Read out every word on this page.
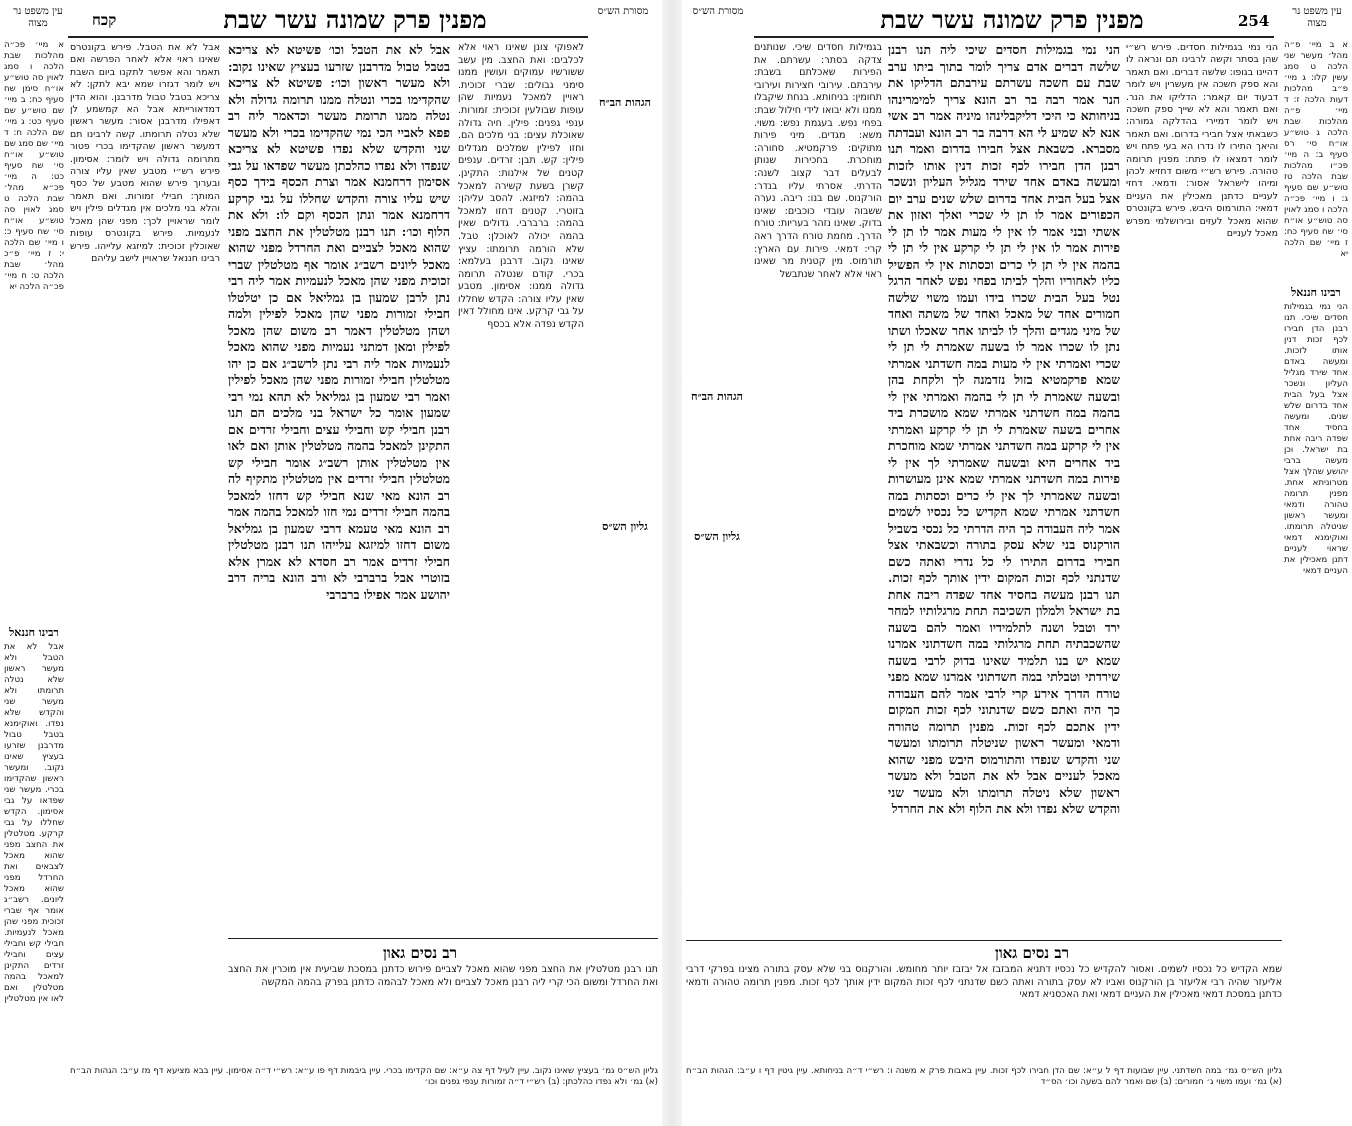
עין משפט נר מצוה	מפנין פרק שמונה עשר שבת
קכח	מסורת הש״ס
א מיי׳ פכ״ה מהלכות שבת הלכה ו סמג לאוין סה טוש״ע או״ח סימן שח סעיף כח: ב מיי׳ שם טוש״ע שם סעיף כט: ג מיי׳ שם הלכה ח: ד מיי׳ שם סמג שם טוש״ע או״ח סי׳ שח סעיף כט: ה מיי׳ פכ״א מהל׳ שבת הלכה ט סמג לאוין סה טוש״ע או״ח סי׳ שח סעיף כ: ו מיי׳ שם הלכה י: ז מיי׳ פ״כ מהל׳ שבת הלכה ט: ח מיי׳ פכ״ה הלכה יא
רבינו חננאל
אבל לא את הטבל ולא מעשר ראשון שלא נטלה תרומתו ולא מעשר שני והקדש שלא נפדו. ואוקימנא בטבל טבול מדרבנן שזרעו בעציץ שאינו נקוב. ומעשר ראשון שהקדימו בכרי. מעשר שני שפדאו על גבי אסימון. הקדש שחללו על גבי קרקע. מטלטלין את החצב מפני שהוא מאכל לצבאים ואת החרדל מפני שהוא מאכל ליונים. רשב״ג אומר אף שברי זכוכית מפני שהן מאכל לנעמיות. חבילי קש וחבילי עצים וחבילי זרדים התקינן למאכל בהמה מטלטלין ואם לאו אין מטלטלין
אבל לא את הטבל. פירש בקונטרס שאינו ראוי אלא לאחר הפרשה ואם תאמר והא אפשר לתקנו ביום השבת ויש לומר דגזרו שמא יבא לתקן: לא צריכא בטבל טבול מדרבנן. והוא הדין דמדאורייתא אבל הא קמשמע לן דאפילו מדרבנן אסור: מעשר ראשון שלא נטלה תרומתו. קשה לרבינו תם דמעשר ראשון שהקדימו בכרי פטור מתרומה גדולה ויש לומר: אסימון. פירש רש״י מטבע שאין עליו צורה ובערוך פירש שהוא מטבע של כסף המותך: חבילי זמורות. ואם תאמר והלא בני מלכים אין מגדלים פילין ויש לומר שראויין לכך: מפני שהן מאכל לנעמיות. פירש בקונטרס עופות שאוכלין זכוכית: למיזגא עלייהו. פירש רבינו חננאל שראויין לישב עליהם
אבל לא את הטבל וכו׳ פשיטא לא צריכא בטבל טבול מדרבנן שזרעו בעציץ שאינו נקוב: ולא מעשר ראשון וכו׳: פשיטא לא צריכא שהקדימו בכרי ונטלה ממנו תרומה גדולה ולא נטלה ממנו תרומת מעשר וכדאמר ליה רב פפא לאביי הכי נמי שהקדימו בכרי ולא מעשר שני והקדש שלא נפדו פשיטא לא צריכא שנפדו ולא נפדו כהלכתן מעשר שפדאו על גבי אסימון דרחמנא אמר וצרת הכסף בידך כסף שיש עליו צורה והקדש שחללו על גבי קרקע דרחמנא אמר ונתן הכסף וקם לו: ולא את הלוף וכו׳: תנו רבנן מטלטלין את החצב מפני שהוא מאכל לצביים ואת החרדל מפני שהוא מאכל ליונים רשב״ג אומר אף מטלטלין שברי זכוכית מפני שהן מאכל לנעמיות אמר ליה רבי נתן לרבן שמעון בן גמליאל אם כן יטלטלו חבילי זמורות מפני שהן מאכל לפילין ולמה ושהן מטלטלין דאמר רב משום שהן מאכל לפילין ומאן דמתני נעמיות מפני שהוא מאכל לנעמיות אמר ליה רבי נתן לרשב״ג אם כן יהו מטלטלין חבילי זמורות מפני שהן מאכל לפילין ואמר רבי שמעון בן גמליאל לא תהא נמי רבי שמעון אומר כל ישראל בני מלכים הם תנו רבנן חבילי קש וחבילי עצים וחבילי זרדים אם התקינן למאכל בהמה מטלטלין אותן ואם לאו אין מטלטלין אותן רשב״ג אומר חבילי קש מטלטלין חבילי זרדים אין מטלטלין מתקיף לה רב הונא מאי שנא חבילי קש דחזו למאכל בהמה חבילי זרדים נמי חזו למאכל בהמה אמר רב הונא מאי טעמא דרבי שמעון בן גמליאל משום דחזו למיזגא עלייהו תנו רבנן מטלטלין חבילי זרדים אמר רב חסדא לא אמרן אלא בזוטרי אבל ברברבי לא ורב הונא בריה דרב יהושע אמר אפילו ברברבי
לאפוקי צונן שאינו ראוי אלא לכלבים: ואת החצב. מין עשב ששורשיו עמוקים ועושין ממנו סימני גבולים: שברי זכוכית. ראויין למאכל נעמיות שהן עופות שבולעין זכוכית: זמורות. ענפי גפנים: פילין. חיה גדולה שאוכלת עצים: בני מלכים הם. וחזו לפילין שמלכים מגדלים פילין: קש. תבן: זרדים. ענפים קטנים של אילנות: התקינן. קשרן בשעת קשירה למאכל בהמה: למיזגא. להסב עליהן: בזוטרי. קטנים דחזו למאכל בהמה: ברברבי. גדולים שאין בהמה יכולה לאוכלן: טבל. שלא הורמה תרומתו: עציץ שאינו נקוב. דרבנן בעלמא: בכרי. קודם שנטלה תרומה גדולה ממנו: אסימון. מטבע שאין עליו צורה: הקדש שחללו על גבי קרקע. אינו מחולל דאין הקדש נפדה אלא בכסף
הגהות הב״ח
גליון הש״ס
רב נסים גאון
תנו רבנן מטלטלין את החצב מפני שהוא מאכל לצביים פירוש כדתנן במסכת שביעית אין מוכרין את החצב ואת החרדל ומשום הכי קרי ליה רבנן מאכל לצביים ולא מאכל לבהמה כדתנן בפרק בהמה המקשה
גליון הש״ס גמ׳ בעציץ שאינו נקוב. עיין לעיל דף צה ע״א: שם הקדימו בכרי. עיין ביבמות דף פו ע״א: רש״י ד״ה אסימון. עיין בבא מציעא דף מז ע״ב: הגהות הב״ח (א) גמ׳ ולא נפדו כהלכתן: (ב) רש״י ד״ה זמורות ענפי גפנים וכו׳
מסורת הש״ס	מפנין פרק שמונה עשר שבת	254
עין משפט נר מצוה
הגהות הב״ח
גליון הש״ס
בגמילות חסדים שיכי. שנותנים צדקה בסתר: עשרתם. את הפירות שאכלתם בשבת: עירבתם. עירובי חצירות ועירובי תחומין: בניחותא. בנחת שיקבלו ממנו ולא יבואו לידי חילול שבת: בפחי נפש. בעגמת נפש: משוי. משא: מגדים. מיני פירות מתוקים: פרקמטיא. סחורה: מוחכרת. בחכירות שנותן לבעלים דבר קצוב לשנה: הדרתי. אסרתי עליו בנדר: הורקנוס. שם בנו: ריבה. נערה ששבוה עובדי כוכבים: שאינו בדוק. שאינו נזהר בעריות: טורח הדרך. מחמת טורח הדרך ראה קרי: דמאי. פירות עם הארץ: תורמוס. מין קטנית מר שאינו ראוי אלא לאחר שנתבשל
הני נמי בגמילות חסדים שיכי ליה תנו רבנן שלשה דברים אדם צריך לומר בתוך ביתו ערב שבת עם חשכה עשרתם עירבתם הדליקו את הנר אמר רבה בר רב הונא צריך למימרינהו בניחותא כי היכי דליקבלינהו מיניה אמר רב אשי אנא לא שמיע לי הא דרבה בר רב הונא ועבדתה מסברא. כשבאת אצל חבירו בדרום ואמר תנו רבנן הדן חבירו לכף זכות דנין אותו לזכות ומעשה באדם אחד שירד מגליל העליון ונשכר אצל בעל הבית אחד בדרום שלש שנים ערב יום הכפורים אמר לו תן לי שכרי ואלך ואזון את אשתי ובני אמר לו אין לי מעות אמר לו תן לי פירות אמר לו אין לי תן לי קרקע אין לי תן לי בהמה אין לי תן לי כרים וכסתות אין לי הפשיל כליו לאחוריו והלך לביתו בפחי נפש לאחר הרגל נטל בעל הבית שכרו בידו ועמו משוי שלשה חמורים אחד של מאכל ואחד של משתה ואחד של מיני מגדים והלך לו לביתו אחר שאכלו ושתו נתן לו שכרו אמר לו בשעה שאמרת לי תן לי שכרי ואמרתי אין לי מעות במה חשדתני אמרתי שמא פרקמטיא בזול נזדמנה לך ולקחת בהן ובשעה שאמרת לי תן לי בהמה ואמרתי אין לי בהמה במה חשדתני אמרתי שמא מושכרת ביד אחרים בשעה שאמרת לי תן לי קרקע ואמרתי אין לי קרקע במה חשדתני אמרתי שמא מוחכרת ביד אחרים היא ובשעה שאמרתי לך אין לי פירות במה חשדתני אמרתי שמא אינן מעושרות ובשעה שאמרתי לך אין לי כרים וכסתות במה חשדתני אמרתי שמא הקדיש כל נכסיו לשמים אמר ליה העבודה כך היה הדרתי כל נכסי בשביל הורקנוס בני שלא עסק בתורה וכשבאתי אצל חבירי בדרום התירו לי כל נדרי ואתה כשם שדנתני לכף זכות המקום ידין אותך לכף זכות. תנו רבנן מעשה בחסיד אחד שפדה ריבה אחת בת ישראל ולמלון השכיבה תחת מרגלותיו למחר ירד וטבל ושנה לתלמידיו ואמר להם בשעה שהשכבתיה תחת מרגלותי במה חשדתוני אמרנו שמא יש בנו תלמיד שאינו בדוק לרבי בשעה שירדתי וטבלתי במה חשדתוני אמרנו שמא מפני טורח הדרך אירע קרי לרבי אמר להם העבודה כך היה ואתם כשם שדנתוני לכף זכות המקום ידין אתכם לכף זכות. מפנין תרומה טהורה ודמאי ומעשר ראשון שניטלה תרומתו ומעשר שני והקדש שנפדו והתורמוס היבש מפני שהוא מאכל לעניים אבל לא את הטבל ולא מעשר ראשון שלא ניטלה תרומתו ולא מעשר שני והקדש שלא נפדו ולא את הלוף ולא את החרדל
הני נמי בגמילות חסדים. פירש רש״י שהן בסתר וקשה לרבינו תם ונראה לו דהיינו בגופו: שלשה דברים. ואם תאמר והא ספק חשכה אין מעשרין ויש לומר דבעוד יום קאמר: הדליקו את הנר. ואם תאמר והא לא שייך ספק חשכה ויש לומר דמיירי בהדלקה גמורה: כשבאתי אצל חבירי בדרום. ואם תאמר והיאך התירו לו נדרו הא בעי פתח ויש לומר דמצאו לו פתח: מפנין תרומה טהורה. פירש רש״י משום דחזיא לכהן ומיהו לישראל אסור: ודמאי. דחזי לעניים כדתנן מאכילין את העניים דמאי: התורמוס היבש. פירש בקונטרס שהוא מאכל לעזים ובירושלמי מפרש מאכל לעניים
א ב מיי׳ פ״ה מהל׳ מעשר שני הלכה ט סמג עשין קלו: ג מיי׳ פ״ב מהלכות דעות הלכה ז: ד מיי׳ פ״ה מהלכות שבת הלכה ג טוש״ע או״ח סי׳ רס סעיף ב: ה מיי׳ פכ״ו מהלכות שבת הלכה טז טוש״ע שם סעיף ג: ו מיי׳ פכ״ה הלכה ו סמג לאוין סה טוש״ע או״ח סי׳ שח סעיף כח: ז מיי׳ שם הלכה יא
רבינו חננאל
הני נמי בגמילות חסדים שיכי. תנו רבנן הדן חבירו לכף זכות דנין אותו לזכות. ומעשה באדם אחד שירד מגליל העליון ונשכר אצל בעל הבית אחד בדרום שלש שנים. ומעשה בחסיד אחד שפדה ריבה אחת בת ישראל. וכן מעשה ברבי יהושע שהלך אצל מטרוניתא אחת. מפנין תרומה טהורה ודמאי ומעשר ראשון שניטלה תרומתו. ואוקימנא דמאי שראוי לעניים דתנן מאכילין את העניים דמאי
רב נסים גאון
שמא הקדיש כל נכסיו לשמים. ואסור להקדיש כל נכסיו דתניא המבזבז אל יבזבז יותר מחומש. והורקנוס בני שלא עסק בתורה מצינו בפרקי דרבי אליעזר שהיה רבי אליעזר בן הורקנוס ואביו לא עסק בתורה ואתה כשם שדנתני לכף זכות המקום ידין אותך לכף זכות. מפנין תרומה טהורה ודמאי כדתנן במסכת דמאי מאכילין את העניים דמאי ואת האכסניא דמאי
גליון הש״ס גמ׳ במה חשדתני. עיין שבועות דף ל ע״א: שם הדן חבירו לכף זכות. עיין באבות פרק א משנה ו: רש״י ד״ה בניחותא. עיין גיטין דף ו ע״ב: הגהות הב״ח (א) גמ׳ ועמו משוי ג׳ חמורים: (ב) שם ואמר להם בשעה וכו׳ הס״ד
